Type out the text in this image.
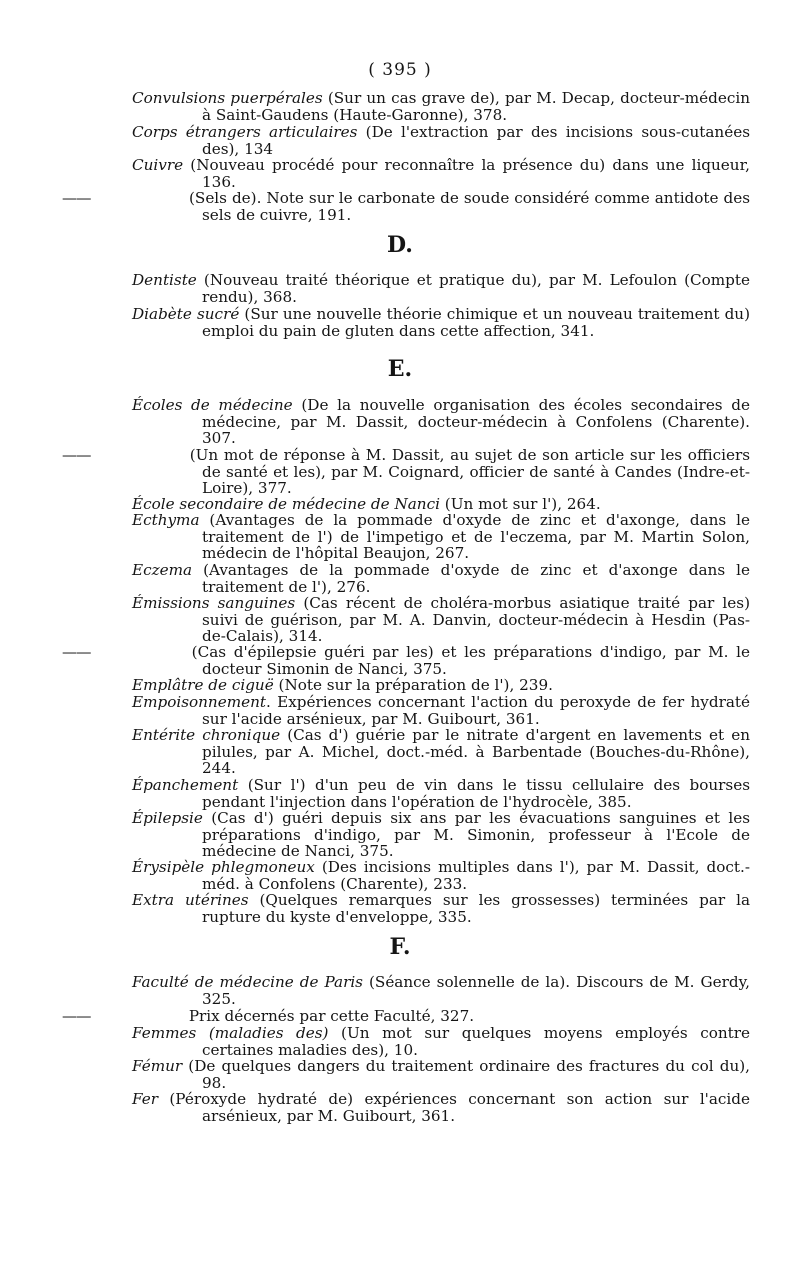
( 395 )
Convulsions puerpérales (Sur un cas grave de), par M. Decap, docteur-médecin à Saint-Gaudens (Haute-Garonne), 378.
Corps étrangers articulaires (De l'extraction par des incisions sous-cutanées des), 134
Cuivre (Nouveau procédé pour reconnaître la présence du) dans une liqueur, 136.
——	(Sels de). Note sur le carbonate de soude considéré comme antidote des sels de cuivre, 191.
D.
Dentiste (Nouveau traité théorique et pratique du), par M. Lefoulon (Compte rendu), 368.
Diabète sucré (Sur une nouvelle théorie chimique et un nouveau traitement du) emploi du pain de gluten dans cette affection, 341.
E.
Écoles de médecine (De la nouvelle organisation des écoles secondaires de médecine, par M. Dassit, docteur-médecin à Confolens (Charente). 307.
——	(Un mot de réponse à M. Dassit, au sujet de son article sur les officiers de santé et les), par M. Coignard, officier de santé à Candes (Indre-et-Loire), 377.
École secondaire de médecine de Nanci (Un mot sur l'), 264.
Ecthyma (Avantages de la pommade d'oxyde de zinc et d'axonge, dans le traitement de l') de l'impetigo et de l'eczema, par M. Martin Solon, médecin de l'hôpital Beaujon, 267.
Eczema (Avantages de la pommade d'oxyde de zinc et d'axonge dans le traitement de l'), 276.
Émissions sanguines (Cas récent de choléra-morbus asiatique traité par les) suivi de guérison, par M. A. Danvin, docteur-médecin à Hesdin (Pas-de-Calais), 314.
——	(Cas d'épilepsie guéri par les) et les préparations d'indigo, par M. le docteur Simonin de Nanci, 375.
Emplâtre de ciguë (Note sur la préparation de l'), 239.
Empoisonnement. Expériences concernant l'action du peroxyde de fer hydraté sur l'acide arsénieux, par M. Guibourt, 361.
Entérite chronique (Cas d') guérie par le nitrate d'argent en lavements et en pilules, par A. Michel, doct.-méd. à Barbentade (Bouches-du-Rhône), 244.
Épanchement (Sur l') d'un peu de vin dans le tissu cellulaire des bourses pendant l'injection dans l'opération de l'hydrocèle, 385.
Épilepsie (Cas d') guéri depuis six ans par les évacuations sanguines et les préparations d'indigo, par M. Simonin, professeur à l'Ecole de médecine de Nanci, 375.
Érysipèle phlegmoneux (Des incisions multiples dans l'), par M. Dassit, doct.-méd. à Confolens (Charente), 233.
Extra utérines (Quelques remarques sur les grossesses) terminées par la rupture du kyste d'enveloppe, 335.
F.
Faculté de médecine de Paris (Séance solennelle de la). Discours de M. Gerdy, 325.
——	Prix décernés par cette Faculté, 327.
Femmes (maladies des) (Un mot sur quelques moyens employés contre certaines maladies des), 10.
Fémur (De quelques dangers du traitement ordinaire des fractures du col du), 98.
Fer (Péroxyde hydraté de) expériences concernant son action sur l'acide arsénieux, par M. Guibourt, 361.
